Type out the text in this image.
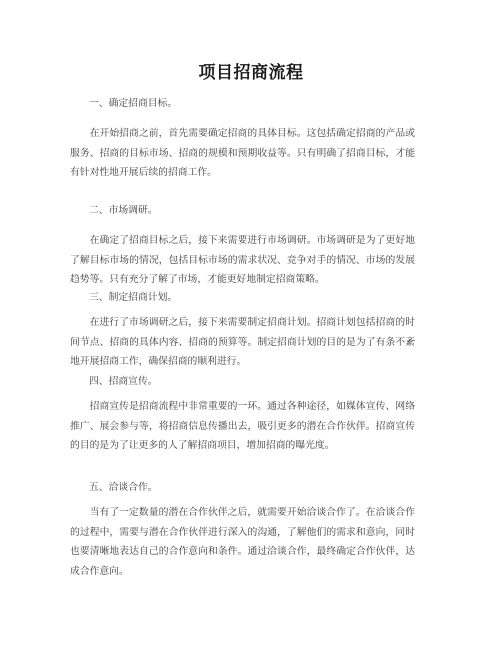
项目招商流程
一、确定招商目标。
在开始招商之前，首先需要确定招商的具体目标。这包括确定招商的产品或服务、招商的目标市场、招商的规模和预期收益等。只有明确了招商目标，才能有针对性地开展后续的招商工作。
二、市场调研。
在确定了招商目标之后，接下来需要进行市场调研。市场调研是为了更好地了解目标市场的情况，包括目标市场的需求状况、竞争对手的情况、市场的发展趋势等。只有充分了解了市场，才能更好地制定招商策略。
三、制定招商计划。
在进行了市场调研之后，接下来需要制定招商计划。招商计划包括招商的时间节点、招商的具体内容、招商的预算等。制定招商计划的目的是为了有条不紊地开展招商工作，确保招商的顺利进行。
四、招商宣传。
招商宣传是招商流程中非常重要的一环。通过各种途径，如媒体宣传、网络推广、展会参与等，将招商信息传播出去，吸引更多的潜在合作伙伴。招商宣传的目的是为了让更多的人了解招商项目，增加招商的曝光度。
五、洽谈合作。
当有了一定数量的潜在合作伙伴之后，就需要开始洽谈合作了。在洽谈合作的过程中，需要与潜在合作伙伴进行深入的沟通，了解他们的需求和意向，同时也要清晰地表达自己的合作意向和条件。通过洽谈合作，最终确定合作伙伴，达成合作意向。
